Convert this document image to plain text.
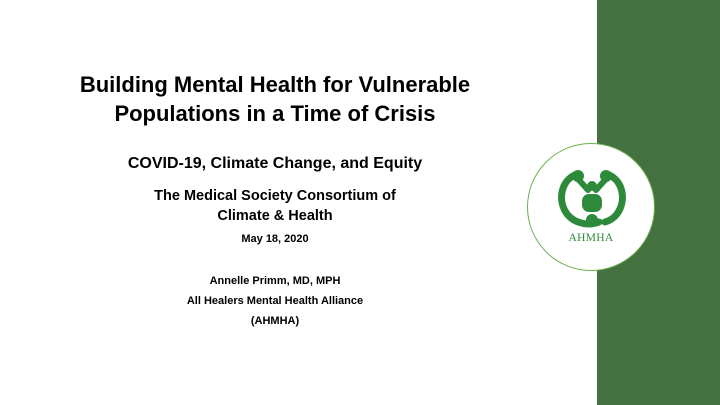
Building Mental Health for Vulnerable
Populations in a Time of Crisis
COVID-19, Climate Change, and Equity
The Medical Society Consortium of
Climate & Health
May 18, 2020
Annelle Primm, MD, MPH
All Healers Mental Health Alliance
(AHMHA)
AHMHA
